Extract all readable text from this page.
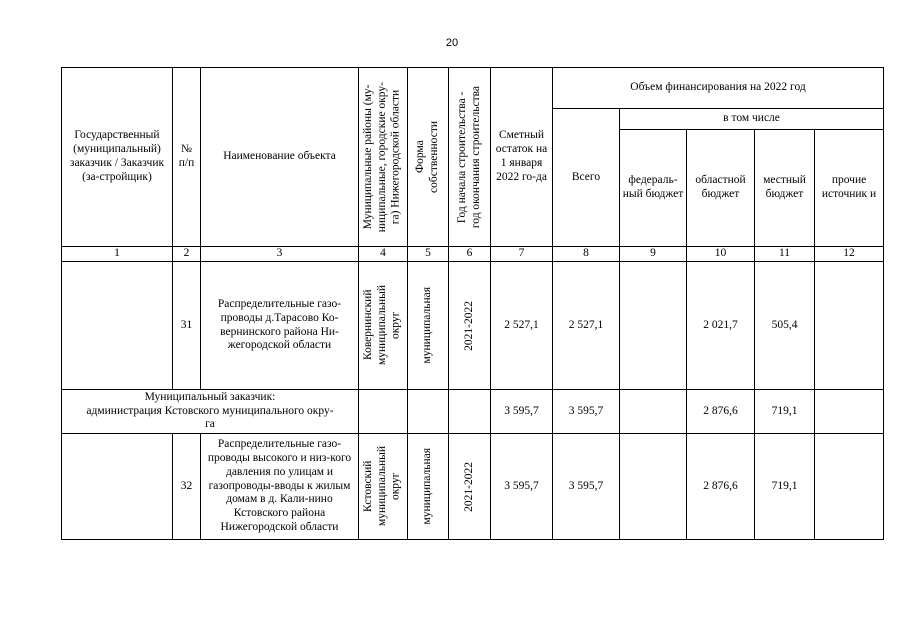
20
Государственный (муниципальный) заказчик / Заказчик (за-стройщик)	№ п/п	Наименование объекта	Муниципальные районы (му-
ниципальные, городские окру-
га) Нижегородской области	Форма
собственности	Год начала строительства -
год окончания строительства	Сметный остаток на 1 января 2022 го-да	Объем финансирования на 2022 год				
							Всего	в том числе			
								федераль-ный бюджет	областной бюджет	местный бюджет	прочие источник и
1	2	3	4	5	6	7	8	9	10	11	12
	31	Распределительные газо-проводы д.Тарасово Ко-вернинского района Ни-жегородской области	Ковернинский
муниципальный
округ	муниципальная	2021-2022	2 527,1	2 527,1		2 021,7	505,4	
Муниципальный заказчик:
администрация Кстовского муниципального окру-
га						3 595,7	3 595,7		2 876,6	719,1	
	32	Распределительные газо-проводы высокого и низ-кого давления по улицам и газопроводы-вводы к жилым домам в д. Кали-нино Кстовского района Нижегородской области	Кстовский
муниципальный
округ	муниципальная	2021-2022	3 595,7	3 595,7		2 876,6	719,1	
